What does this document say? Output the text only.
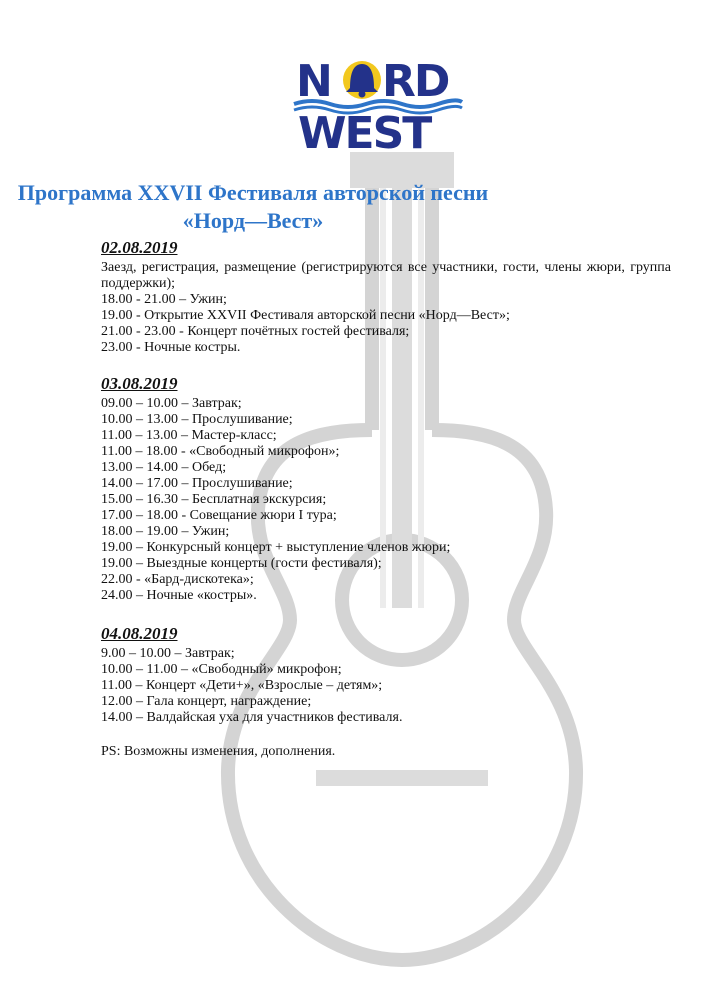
N RD
WEST
Программа XXVII Фестиваля авторской песни
«Норд—Вест»
02.08.2019
Заезд, регистрация, размещение (регистрируются все участники, гости, члены жюри, группа поддержки);
18.00 - 21.00 – Ужин;
19.00 - Открытие XXVII Фестиваля авторской песни «Норд—Вест»;
21.00 - 23.00 - Концерт почётных гостей фестиваля;
23.00 - Ночные костры.
03.08.2019
09.00 – 10.00 – Завтрак;
10.00 – 13.00 – Прослушивание;
11.00 – 13.00 – Мастер-класс;
11.00 – 18.00 - «Свободный микрофон»;
13.00 – 14.00 – Обед;
14.00 – 17.00 – Прослушивание;
15.00 – 16.30 – Бесплатная экскурсия;
17.00 – 18.00 - Совещание жюри I тура;
18.00 – 19.00 – Ужин;
19.00 – Конкурсный концерт + выступление членов жюри;
19.00 – Выездные концерты (гости фестиваля);
22.00 - «Бард-дискотека»;
24.00 – Ночные «костры».
04.08.2019
9.00 – 10.00 – Завтрак;
10.00 – 11.00 – «Свободный» микрофон;
11.00 – Концерт «Дети+», «Взрослые – детям»;
12.00 – Гала концерт, награждение;
14.00 – Валдайская уха для участников фестиваля.
PS: Возможны изменения, дополнения.
